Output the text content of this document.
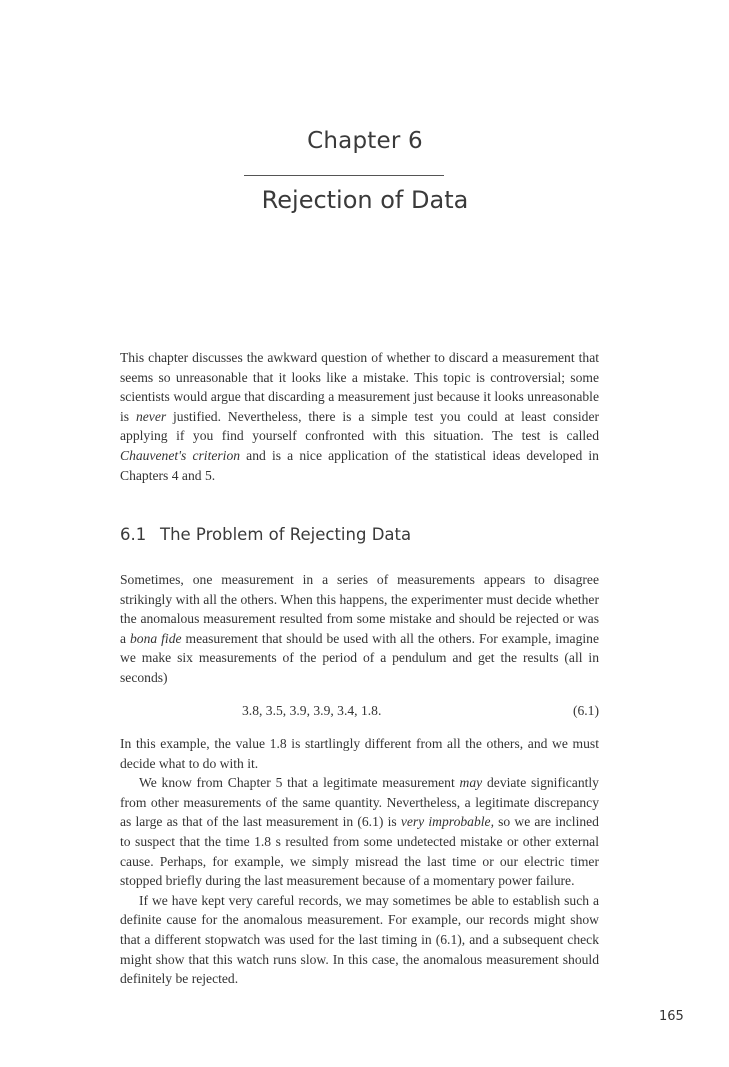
Chapter 6
Rejection of Data

This chapter discusses the awkward question of whether to discard a measurement that seems so unreasonable that it looks like a mistake. This topic is controversial; some scientists would argue that discarding a measurement just because it looks unreasonable is never justified. Nevertheless, there is a simple test you could at least consider applying if you find yourself confronted with this situation. The test is called Chauvenet's criterion and is a nice application of the statistical ideas developed in Chapters 4 and 5.

6.1 The Problem of Rejecting Data

Sometimes, one measurement in a series of measurements appears to disagree strikingly with all the others. When this happens, the experimenter must decide whether the anomalous measurement resulted from some mistake and should be rejected or was a bona fide measurement that should be used with all the others. For example, imagine we make six measurements of the period of a pendulum and get the results (all in seconds)

3.8, 3.5, 3.9, 3.9, 3.4, 1.8.	(6.1)

In this example, the value 1.8 is startlingly different from all the others, and we must decide what to do with it.

We know from Chapter 5 that a legitimate measurement may deviate significantly from other measurements of the same quantity. Nevertheless, a legitimate discrepancy as large as that of the last measurement in (6.1) is very improbable, so we are inclined to suspect that the time 1.8 s resulted from some undetected mistake or other external cause. Perhaps, for example, we simply misread the last time or our electric timer stopped briefly during the last measurement because of a momentary power failure.

If we have kept very careful records, we may sometimes be able to establish such a definite cause for the anomalous measurement. For example, our records might show that a different stopwatch was used for the last timing in (6.1), and a subsequent check might show that this watch runs slow. In this case, the anomalous measurement should definitely be rejected.

165
